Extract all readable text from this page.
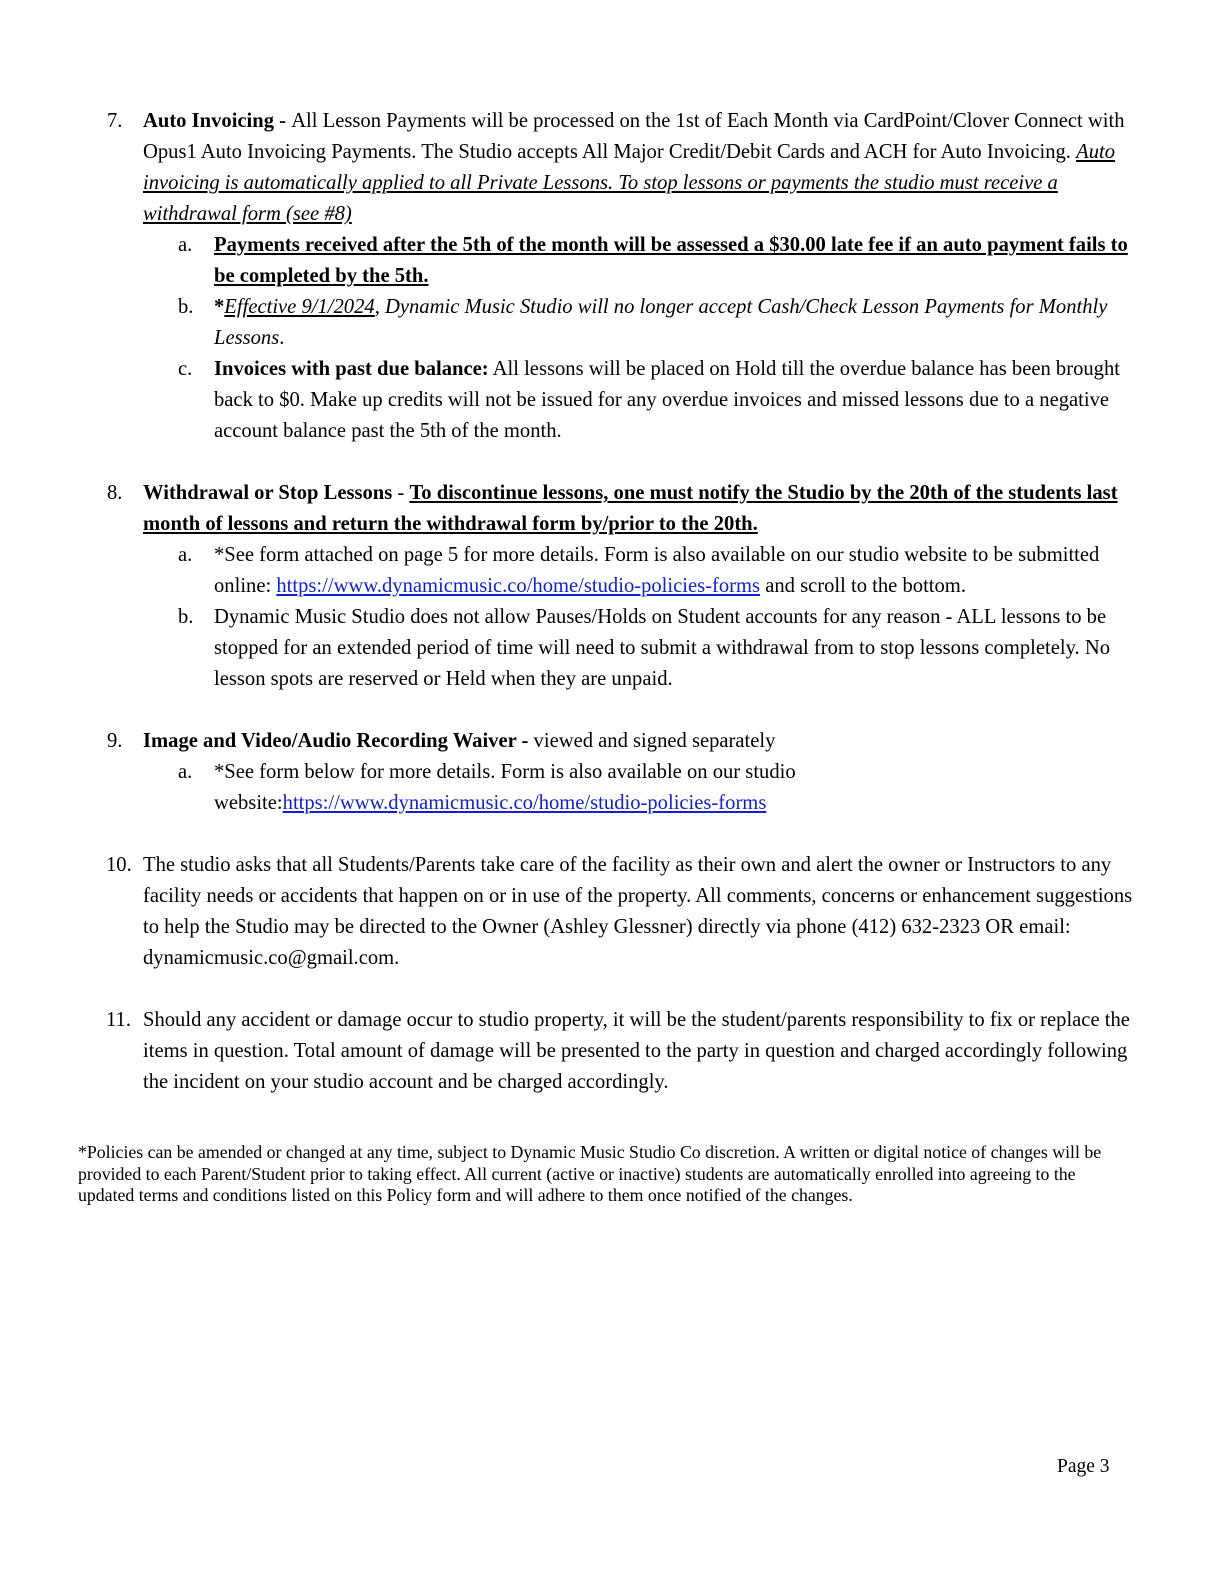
7. Auto Invoicing - All Lesson Payments will be processed on the 1st of Each Month via CardPoint/Clover Connect with Opus1 Auto Invoicing Payments. The Studio accepts All Major Credit/Debit Cards and ACH for Auto Invoicing. Auto invoicing is automatically applied to all Private Lessons. To stop lessons or payments the studio must receive a withdrawal form (see #8)
a. Payments received after the 5th of the month will be assessed a $30.00 late fee if an auto payment fails to be completed by the 5th.
b. *Effective 9/1/2024, Dynamic Music Studio will no longer accept Cash/Check Lesson Payments for Monthly Lessons.
c. Invoices with past due balance: All lessons will be placed on Hold till the overdue balance has been brought back to $0. Make up credits will not be issued for any overdue invoices and missed lessons due to a negative account balance past the 5th of the month.
8. Withdrawal or Stop Lessons - To discontinue lessons, one must notify the Studio by the 20th of the students last month of lessons and return the withdrawal form by/prior to the 20th.
a. *See form attached on page 5 for more details. Form is also available on our studio website to be submitted online: https://www.dynamicmusic.co/home/studio-policies-forms and scroll to the bottom.
b. Dynamic Music Studio does not allow Pauses/Holds on Student accounts for any reason - ALL lessons to be stopped for an extended period of time will need to submit a withdrawal from to stop lessons completely. No lesson spots are reserved or Held when they are unpaid.
9. Image and Video/Audio Recording Waiver - viewed and signed separately
a. *See form below for more details. Form is also available on our studio website:https://www.dynamicmusic.co/home/studio-policies-forms
10. The studio asks that all Students/Parents take care of the facility as their own and alert the owner or Instructors to any facility needs or accidents that happen on or in use of the property. All comments, concerns or enhancement suggestions to help the Studio may be directed to the Owner (Ashley Glessner) directly via phone (412) 632-2323 OR email: dynamicmusic.co@gmail.com.
11. Should any accident or damage occur to studio property, it will be the student/parents responsibility to fix or replace the items in question. Total amount of damage will be presented to the party in question and charged accordingly following the incident on your studio account and be charged accordingly.
*Policies can be amended or changed at any time, subject to Dynamic Music Studio Co discretion. A written or digital notice of changes will be provided to each Parent/Student prior to taking effect. All current (active or inactive) students are automatically enrolled into agreeing to the updated terms and conditions listed on this Policy form and will adhere to them once notified of the changes.
Page 3
